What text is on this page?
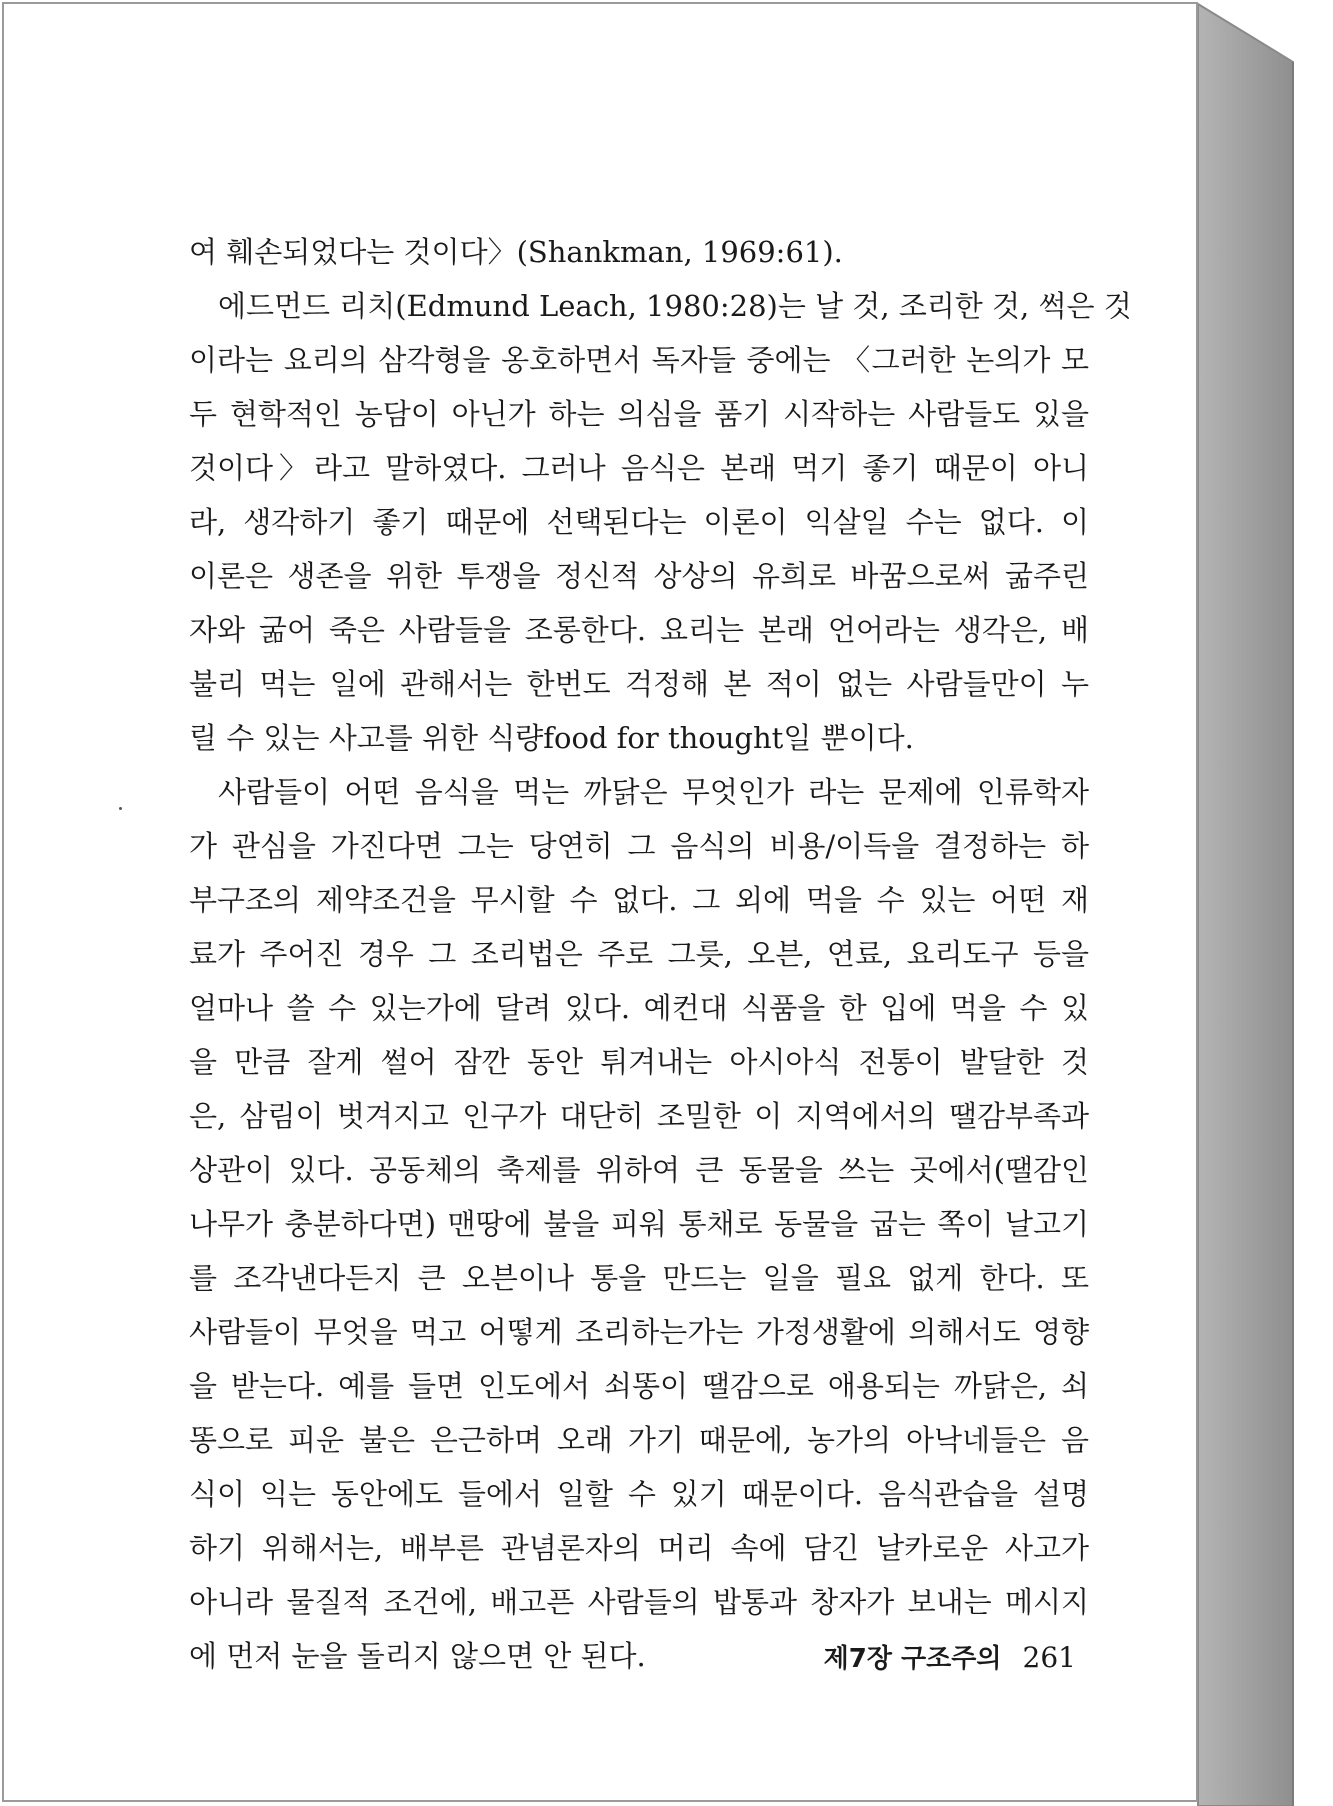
여 훼손되었다는 것이다〉(Shankman, 1969:61).
에드먼드 리치(Edmund Leach, 1980:28)는 날 것, 조리한 것, 썩은 것
이라는 요리의 삼각형을 옹호하면서 독자들 중에는 〈그러한 논의가 모
두 현학적인 농담이 아닌가 하는 의심을 품기 시작하는 사람들도 있을
것이다〉라고 말하였다. 그러나 음식은 본래 먹기 좋기 때문이 아니
라, 생각하기 좋기 때문에 선택된다는 이론이 익살일 수는 없다. 이
이론은 생존을 위한 투쟁을 정신적 상상의 유희로 바꿈으로써 굶주린
자와 굶어 죽은 사람들을 조롱한다. 요리는 본래 언어라는 생각은, 배
불리 먹는 일에 관해서는 한번도 걱정해 본 적이 없는 사람들만이 누
릴 수 있는 사고를 위한 식량food for thought일 뿐이다.
사람들이 어떤 음식을 먹는 까닭은 무엇인가 라는 문제에 인류학자
가 관심을 가진다면 그는 당연히 그 음식의 비용/이득을 결정하는 하
부구조의 제약조건을 무시할 수 없다. 그 외에 먹을 수 있는 어떤 재
료가 주어진 경우 그 조리법은 주로 그릇, 오븐, 연료, 요리도구 등을
얼마나 쓸 수 있는가에 달려 있다. 예컨대 식품을 한 입에 먹을 수 있
을 만큼 잘게 썰어 잠깐 동안 튀겨내는 아시아식 전통이 발달한 것
은, 삼림이 벗겨지고 인구가 대단히 조밀한 이 지역에서의 땔감부족과
상관이 있다. 공동체의 축제를 위하여 큰 동물을 쓰는 곳에서(땔감인
나무가 충분하다면) 맨땅에 불을 피워 통채로 동물을 굽는 쪽이 날고기
를 조각낸다든지 큰 오븐이나 통을 만드는 일을 필요 없게 한다. 또
사람들이 무엇을 먹고 어떻게 조리하는가는 가정생활에 의해서도 영향
을 받는다. 예를 들면 인도에서 쇠똥이 땔감으로 애용되는 까닭은, 쇠
똥으로 피운 불은 은근하며 오래 가기 때문에, 농가의 아낙네들은 음
식이 익는 동안에도 들에서 일할 수 있기 때문이다. 음식관습을 설명
하기 위해서는, 배부른 관념론자의 머리 속에 담긴 날카로운 사고가
아니라 물질적 조건에, 배고픈 사람들의 밥통과 창자가 보내는 메시지
에 먼저 눈을 돌리지 않으면 안 된다.	제7장 구조주의 261
